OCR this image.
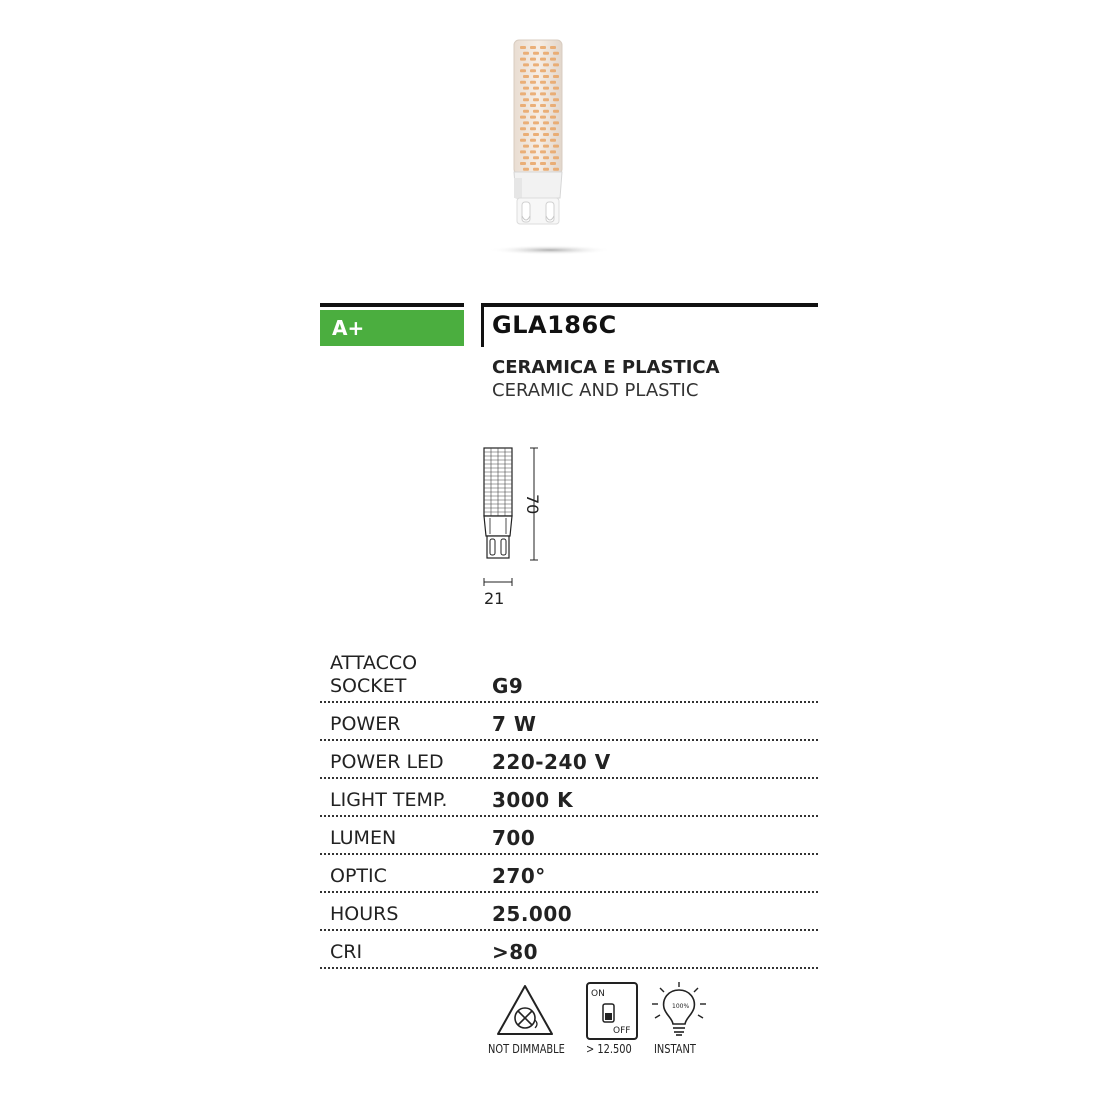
A+	GLA186C
CERAMICA E PLASTICA
CERAMIC AND PLASTIC
70
21
ATTACCO
SOCKET	G9
POWER	7 W
POWER LED	220-240 V
LIGHT TEMP.	3000 K
LUMEN	700
OPTIC	270°
HOURS	25.000
CRI	>80
NOT DIMMABLE
ON
OFF
> 12.500
100%
INSTANT
